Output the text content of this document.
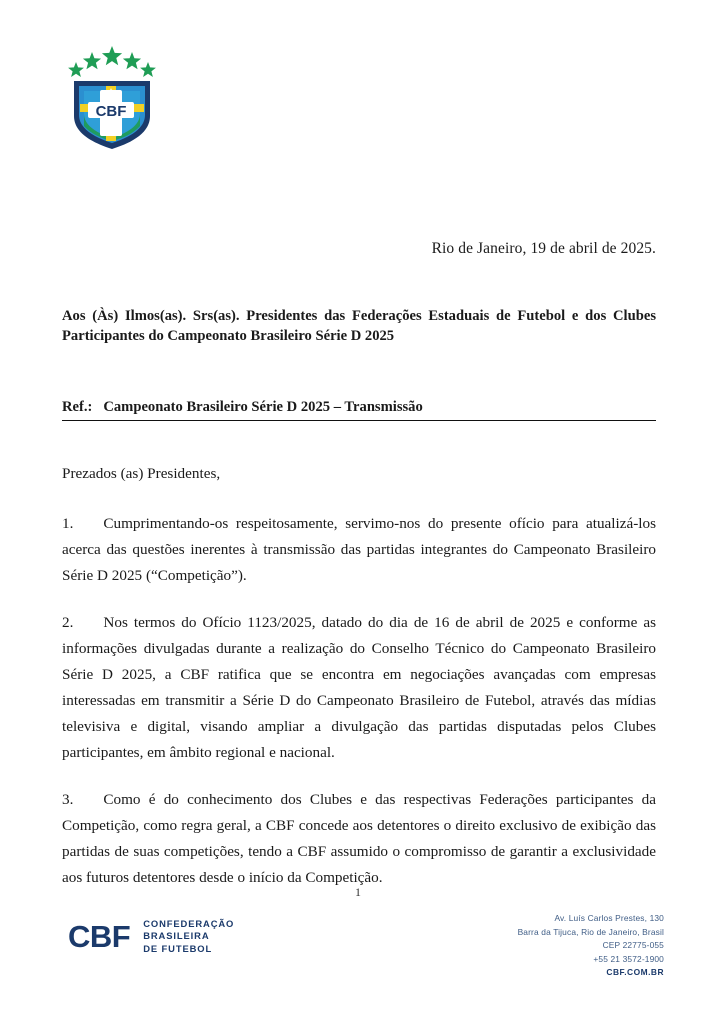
CBF

Rio de Janeiro, 19 de abril de 2025.

Aos (Às) Ilmos(as). Srs(as). Presidentes das Federações Estaduais de Futebol e dos Clubes Participantes do Campeonato Brasileiro Série D 2025

Ref.: Campeonato Brasileiro Série D 2025 – Transmissão

Prezados (as) Presidentes,

1. Cumprimentando-os respeitosamente, servimo-nos do presente ofício para atualizá-los acerca das questões inerentes à transmissão das partidas integrantes do Campeonato Brasileiro Série D 2025 (“Competição”).

2. Nos termos do Ofício 1123/2025, datado do dia de 16 de abril de 2025 e conforme as informações divulgadas durante a realização do Conselho Técnico do Campeonato Brasileiro Série D 2025, a CBF ratifica que se encontra em negociações avançadas com empresas interessadas em transmitir a Série D do Campeonato Brasileiro de Futebol, através das mídias televisiva e digital, visando ampliar a divulgação das partidas disputadas pelos Clubes participantes, em âmbito regional e nacional.

3. Como é do conhecimento dos Clubes e das respectivas Federações participantes da Competição, como regra geral, a CBF concede aos detentores o direito exclusivo de exibição das partidas de suas competições, tendo a CBF assumido o compromisso de garantir a exclusividade aos futuros detentores desde o início da Competição.

1
CBF CONFEDERAÇÃO
BRASILEIRA
DE FUTEBOL
Av. Luís Carlos Prestes, 130
Barra da Tijuca, Rio de Janeiro, Brasil
CEP 22775-055
+55 21 3572-1900
CBF.COM.BR
